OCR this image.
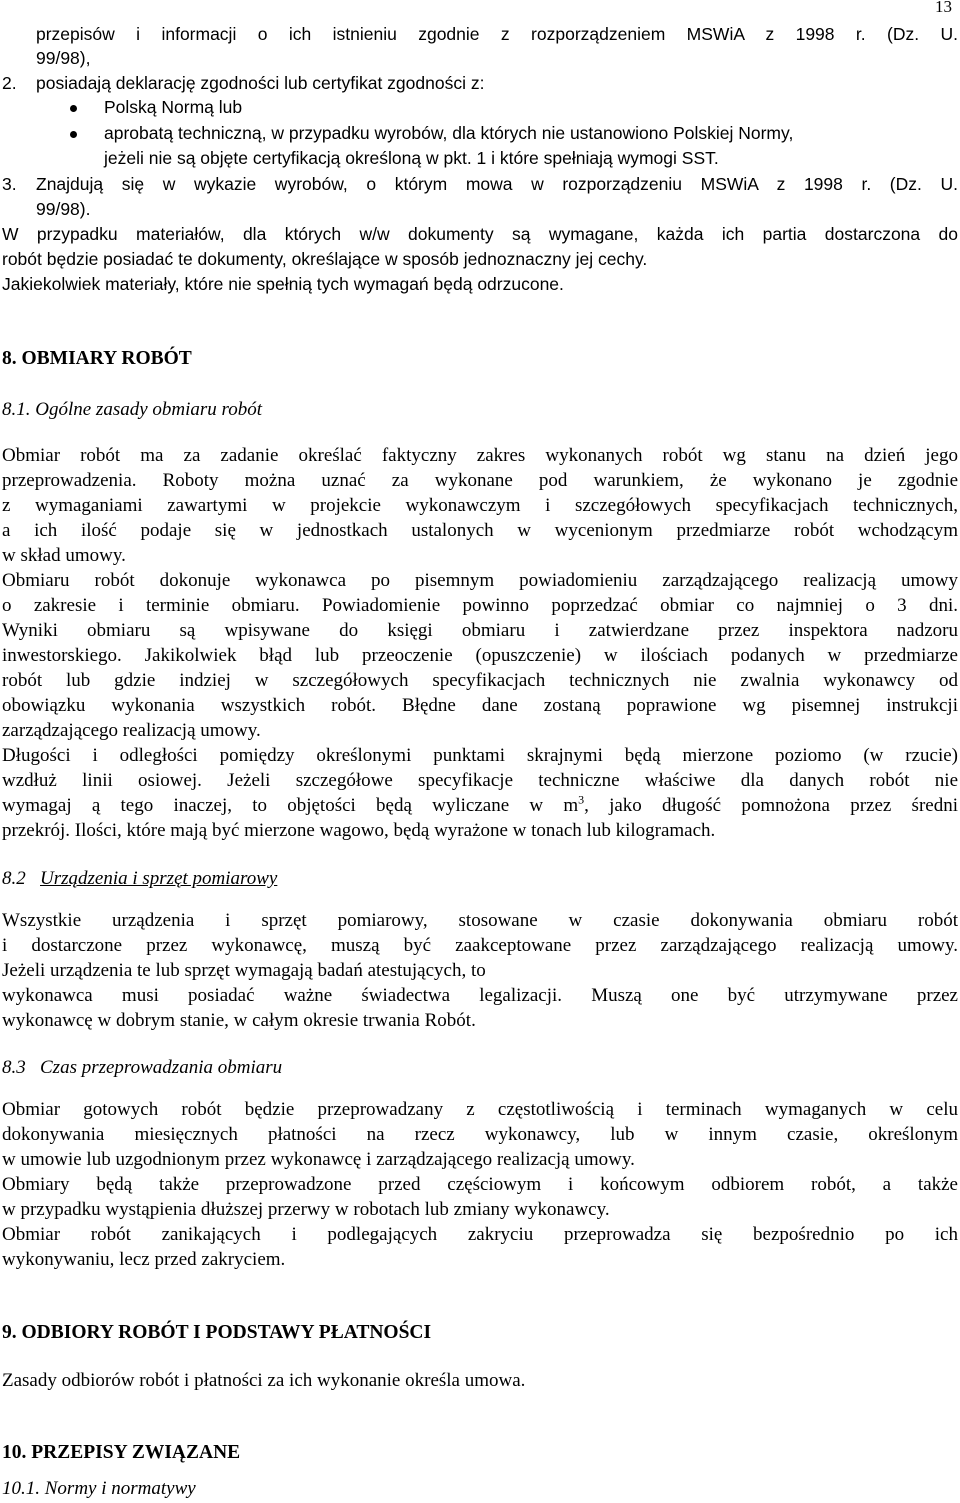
13
przepisów i informacji o ich istnieniu zgodnie z rozporządzeniem MSWiA z 1998 r. (Dz. U.
99/98),
2. posiadają deklarację zgodności lub certyfikat zgodności z:
Polską Normą lub
aprobatą techniczną, w przypadku wyrobów, dla których nie ustanowiono Polskiej Normy,
jeżeli nie są objęte certyfikacją określoną w pkt. 1 i które spełniają wymogi SST.
3. Znajdują się w wykazie wyrobów, o którym mowa w rozporządzeniu MSWiA z 1998 r. (Dz. U.
99/98).
W przypadku materiałów, dla których w/w dokumenty są wymagane, każda ich partia dostarczona do
robót będzie posiadać te dokumenty, określające w sposób jednoznaczny jej cechy.
Jakiekolwiek materiały, które nie spełnią tych wymagań będą odrzucone.
8. OBMIARY ROBÓT
8.1. Ogólne zasady obmiaru robót
Obmiar robót ma za zadanie określać faktyczny zakres wykonanych robót wg stanu na dzień jego
przeprowadzenia. Roboty można uznać za wykonane pod warunkiem, że wykonano je zgodnie
z wymaganiami zawartymi w projekcie wykonawczym i szczegółowych specyfikacjach technicznych,
a ich ilość podaje się w jednostkach ustalonych w wycenionym przedmiarze robót wchodzącym
w skład umowy.
Obmiaru robót dokonuje wykonawca po pisemnym powiadomieniu zarządzającego realizacją umowy
o zakresie i terminie obmiaru. Powiadomienie powinno poprzedzać obmiar co najmniej o 3 dni.
Wyniki obmiaru są wpisywane do księgi obmiaru i zatwierdzane przez inspektora nadzoru
inwestorskiego. Jakikolwiek błąd lub przeoczenie (opuszczenie) w ilościach podanych w przedmiarze
robót lub gdzie indziej w szczegółowych specyfikacjach technicznych nie zwalnia wykonawcy od
obowiązku wykonania wszystkich robót. Błędne dane zostaną poprawione wg pisemnej instrukcji
zarządzającego realizacją umowy.
Długości i odległości pomiędzy określonymi punktami skrajnymi będą mierzone poziomo (w rzucie)
wzdłuż linii osiowej. Jeżeli szczegółowe specyfikacje techniczne właściwe dla danych robót nie
wymagaj ą tego inaczej, to objętości będą wyliczane w $m^3$, jako długość pomnożona przez średni
przekrój. Ilości, które mają być mierzone wagowo, będą wyrażone w tonach lub kilogramach.
8.2 Urządzenia i sprzęt pomiarowy
Wszystkie urządzenia i sprzęt pomiarowy, stosowane w czasie dokonywania obmiaru robót
i dostarczone przez wykonawcę, muszą być zaakceptowane przez zarządzającego realizacją umowy.
Jeżeli urządzenia te lub sprzęt wymagają badań atestujących, to
wykonawca musi posiadać ważne świadectwa legalizacji. Muszą one być utrzymywane przez
wykonawcę w dobrym stanie, w całym okresie trwania Robót.
8.3 Czas przeprowadzania obmiaru
Obmiar gotowych robót będzie przeprowadzany z częstotliwością i terminach wymaganych w celu
dokonywania miesięcznych płatności na rzecz wykonawcy, lub w innym czasie, określonym
w umowie lub uzgodnionym przez wykonawcę i zarządzającego realizacją umowy.
Obmiary będą także przeprowadzone przed częściowym i końcowym odbiorem robót, a także
w przypadku wystąpienia dłuższej przerwy w robotach lub zmiany wykonawcy.
Obmiar robót zanikających i podlegających zakryciu przeprowadza się bezpośrednio po ich
wykonywaniu, lecz przed zakryciem.
9. ODBIORY ROBÓT I PODSTAWY PŁATNOŚCI
Zasady odbiorów robót i płatności za ich wykonanie określa umowa.
10. PRZEPISY ZWIĄZANE
10.1. Normy i normatywy
